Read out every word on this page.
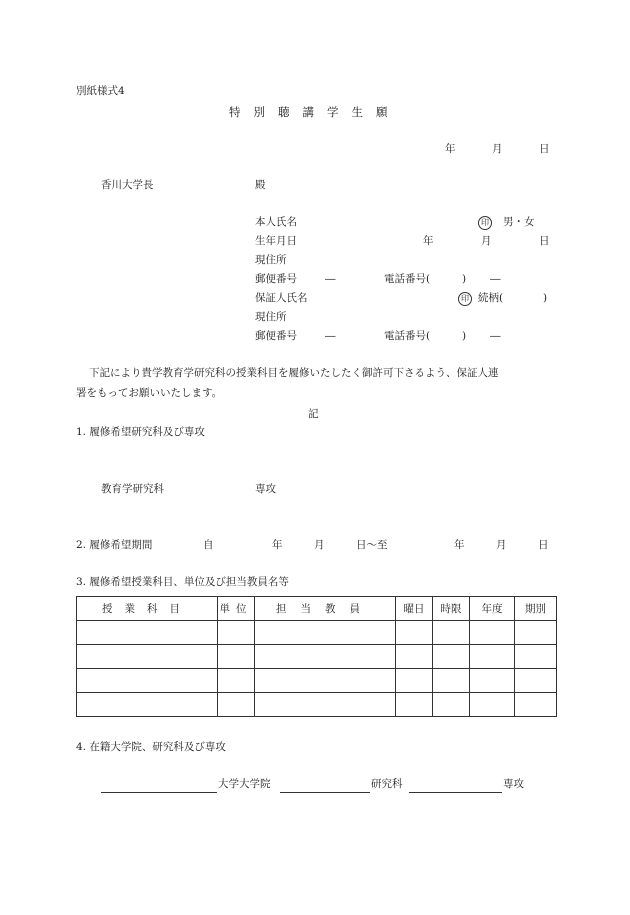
別紙様式4
特別聴講学生願
年	月	日
香川大学長	殿
本人氏名	印 男・女
生年月日	年	月	日
現住所
郵便番号	―	電話番号(	) ―
保証人氏名	印 続柄(	)
現住所
郵便番号	―	電話番号(	) ―
下記により貴学教育学研究科の授業科目を履修いたしたく御許可下さるよう、保証人連
署をもってお願いいたします。
記
1. 履修希望研究科及び専攻
教育学研究科	専攻
2. 履修希望期間	自	年	月	日～至	年	月	日
3. 履修希望授業科目、単位及び担当教員名等
授業科目	単位	担当教員	曜日	時限	年度	期別

4. 在籍大学院、研究科及び専攻
大学大学院	研究科	専攻
